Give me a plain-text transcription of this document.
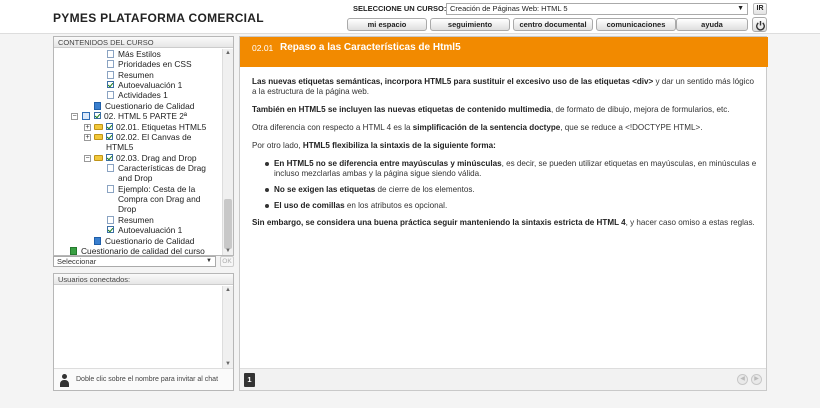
PYMES PLATAFORMA COMERCIAL
SELECCIONE UN CURSO: Creación de Páginas Web: HTML 5	▼	IR
mi espacio	seguimiento	centro documental	comunicaciones	ayuda
CONTENIDOS DEL CURSO
Más Estilos
Prioridades en CSS
Resumen
Autoevaluación 1
Actividades 1
Cuestionario de Calidad
−	02. HTML 5 PARTE 2ª
+	02.01. Etiquetas HTML5
+	02.02. El Canvas de
HTML5
−	02.03. Drag and Drop
Características de Drag
and Drop
Ejemplo: Cesta de la
Compra con Drag and
Drop
Resumen
Autoevaluación 1
Cuestionario de Calidad
Cuestionario de calidad del curso
▲
▼
Seleccionar	▼	OK
Usuarios conectados:
▲
▼
Doble clic sobre el nombre para invitar al chat
02.01 Repaso a las Características de Html5

Las nuevas etiquetas semánticas, incorpora HTML5 para sustituir el excesivo uso de las etiquetas <div> y dar un sentido más lógico a la estructura de la página web.

También en HTML5 se incluyen las nuevas etiquetas de contenido multimedia, de formato de dibujo, mejora de formularios, etc.

Otra diferencia con respecto a HTML 4 es la simplificación de la sentencia doctype, que se reduce a <!DOCTYPE HTML>.

Por otro lado, HTML5 flexibiliza la sintaxis de la siguiente forma:

En HTML5 no se diferencia entre mayúsculas y minúsculas, es decir, se pueden utilizar etiquetas en mayúsculas, en minúsculas e incluso mezclarlas ambas y la página sigue siendo válida.
No se exigen las etiquetas de cierre de los elementos.
El uso de comillas en los atributos es opcional.

Sin embargo, se considera una buena práctica seguir manteniendo la sintaxis estricta de HTML 4, y hacer caso omiso a estas reglas.

1	◀	▶
